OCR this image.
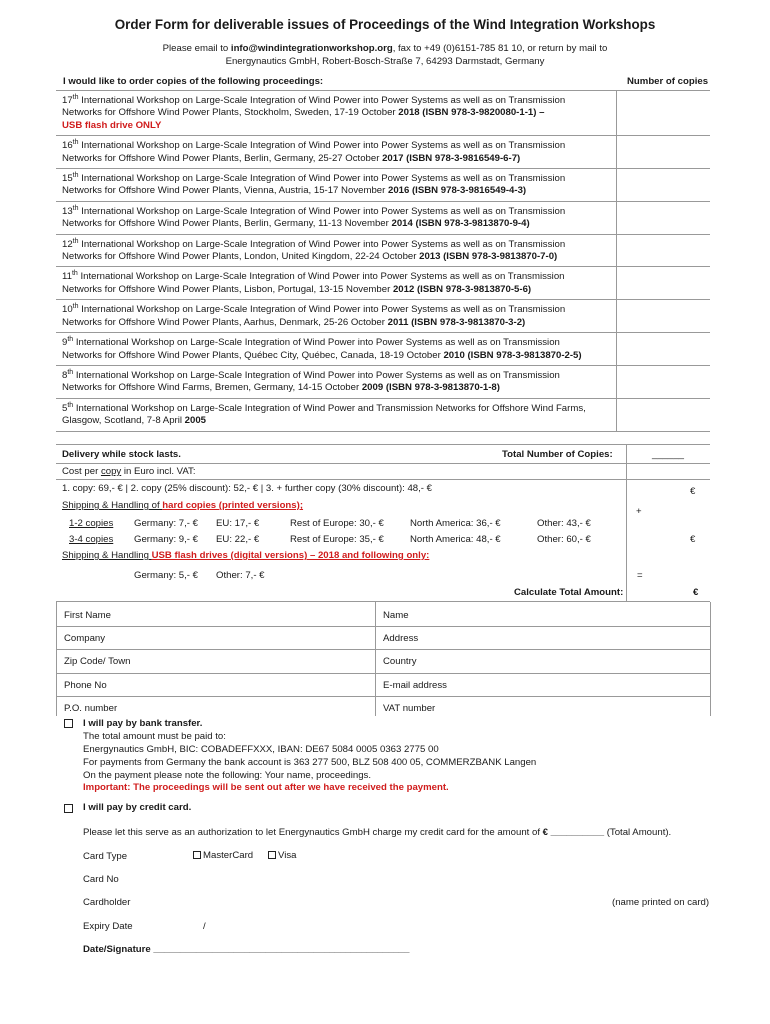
Order Form for deliverable issues of Proceedings of the Wind Integration Workshops
Please email to info@windintegrationworkshop.org, fax to +49 (0)6151-785 81 10, or return by mail to
Energynautics GmbH, Robert-Bosch-Straße 7, 64293 Darmstadt, Germany
I would like to order copies of the following proceedings:	Number of copies
17th International Workshop on Large-Scale Integration of Wind Power into Power Systems as well as on Transmission
Networks for Offshore Wind Power Plants, Stockholm, Sweden, 17-19 October 2018 (ISBN 978-3-9820080-1-1) –
USB flash drive ONLY
16th International Workshop on Large-Scale Integration of Wind Power into Power Systems as well as on Transmission
Networks for Offshore Wind Power Plants, Berlin, Germany, 25-27 October 2017 (ISBN 978-3-9816549-6-7)
15th International Workshop on Large-Scale Integration of Wind Power into Power Systems as well as on Transmission
Networks for Offshore Wind Power Plants, Vienna, Austria, 15-17 November 2016 (ISBN 978-3-9816549-4-3)
13th International Workshop on Large-Scale Integration of Wind Power into Power Systems as well as on Transmission
Networks for Offshore Wind Power Plants, Berlin, Germany, 11-13 November 2014 (ISBN 978-3-9813870-9-4)
12th International Workshop on Large-Scale Integration of Wind Power into Power Systems as well as on Transmission
Networks for Offshore Wind Power Plants, London, United Kingdom, 22-24 October 2013 (ISBN 978-3-9813870-7-0)
11th International Workshop on Large-Scale Integration of Wind Power into Power Systems as well as on Transmission
Networks for Offshore Wind Power Plants, Lisbon, Portugal, 13-15 November 2012 (ISBN 978-3-9813870-5-6)
10th International Workshop on Large-Scale Integration of Wind Power into Power Systems as well as on Transmission
Networks for Offshore Wind Power Plants, Aarhus, Denmark, 25-26 October 2011 (ISBN 978-3-9813870-3-2)
9th International Workshop on Large-Scale Integration of Wind Power into Power Systems as well as on Transmission
Networks for Offshore Wind Power Plants, Québec City, Québec, Canada, 18-19 October 2010 (ISBN 978-3-9813870-2-5)
8th International Workshop on Large-Scale Integration of Wind Power into Power Systems as well as on Transmission
Networks for Offshore Wind Farms, Bremen, Germany, 14-15 October 2009 (ISBN 978-3-9813870-1-8)
5th International Workshop on Large-Scale Integration of Wind Power and Transmission Networks for Offshore Wind Farms,
Glasgow, Scotland, 7-8 April 2005
Delivery while stock lasts.	Total Number of Copies:	______
Cost per copy in Euro incl. VAT:
1. copy: 69,- € | 2. copy (25% discount): 52,- € | 3. + further copy (30% discount): 48,- €	€
Shipping & Handling of hard copies (printed versions);
+
1-2 copies Germany: 7,- € EU: 17,- €	Rest of Europe: 30,- €	North America: 36,- €	Other: 43,- €
3-4 copies Germany: 9,- € EU: 22,- €	Rest of Europe: 35,- €	North America: 48,- €	Other: 60,- €	€
Shipping & Handling USB flash drives (digital versions) – 2018 and following only:
Germany: 5,- € Other: 7,- €	=
Calculate Total Amount:	€
First Name	Name
Company	Address
Zip Code/ Town	Country
Phone No	E-mail address
P.O. number	VAT number
I will pay by bank transfer.
The total amount must be paid to:
Energynautics GmbH, BIC: COBADEFFXXX, IBAN: DE67 5084 0005 0363 2775 00
For payments from Germany the bank account is 363 277 500, BLZ 508 400 05, COMMERZBANK Langen
On the payment please note the following: Your name, proceedings.
Important: The proceedings will be sent out after we have received the payment.
I will pay by credit card.
Please let this serve as an authorization to let Energynautics GmbH charge my credit card for the amount of € __________ (Total Amount).
Card Type	MasterCard	Visa
Card No
Cardholder	(name printed on card)
Expiry Date	/
Date/Signature ________________________________________________
